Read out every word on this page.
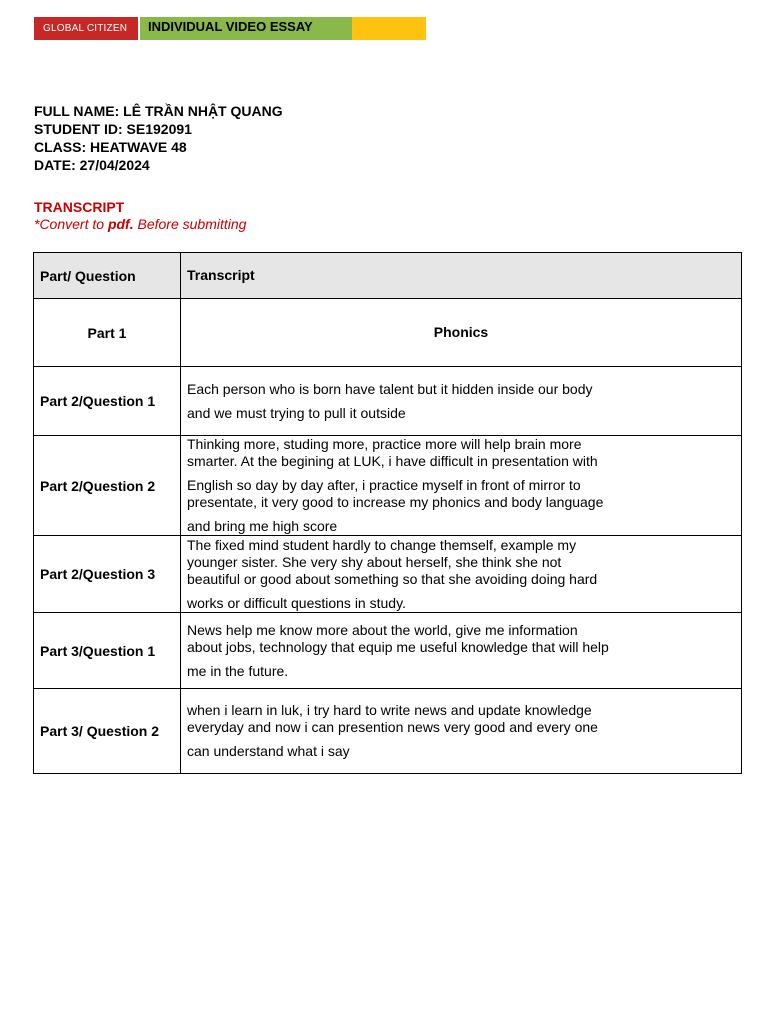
GLOBAL CITIZEN	INDIVIDUAL VIDEO ESSAY
FULL NAME: LÊ TRẦN NHẬT QUANG
STUDENT ID: SE192091
CLASS: HEATWAVE 48
DATE: 27/04/2024
TRANSCRIPT
*Convert to pdf. Before submitting
Part/ Question	Transcript
Part 1	Phonics
Part 2/Question 1	Each person who is born have talent but it hidden inside our body
and we must trying to pull it outside

Part 2/Question 2	Thinking more, studing more, practice more will help brain more
smarter. At the begining at LUK, i have difficult in presentation with
English so day by day after, i practice myself in front of mirror to
presentate, it very good to increase my phonics and body language
and bring me high score

Part 2/Question 3	The fixed mind student hardly to change themself, example my
younger sister. She very shy about herself, she think she not
beautiful or good about something so that she avoiding doing hard
works or difficult questions in study.

Part 3/Question 1	News help me know more about the world, give me information
about jobs, technology that equip me useful knowledge that will help
me in the future.

Part 3/ Question 2	when i learn in luk, i try hard to write news and update knowledge
everyday and now i can presention news very good and every one
can understand what i say
